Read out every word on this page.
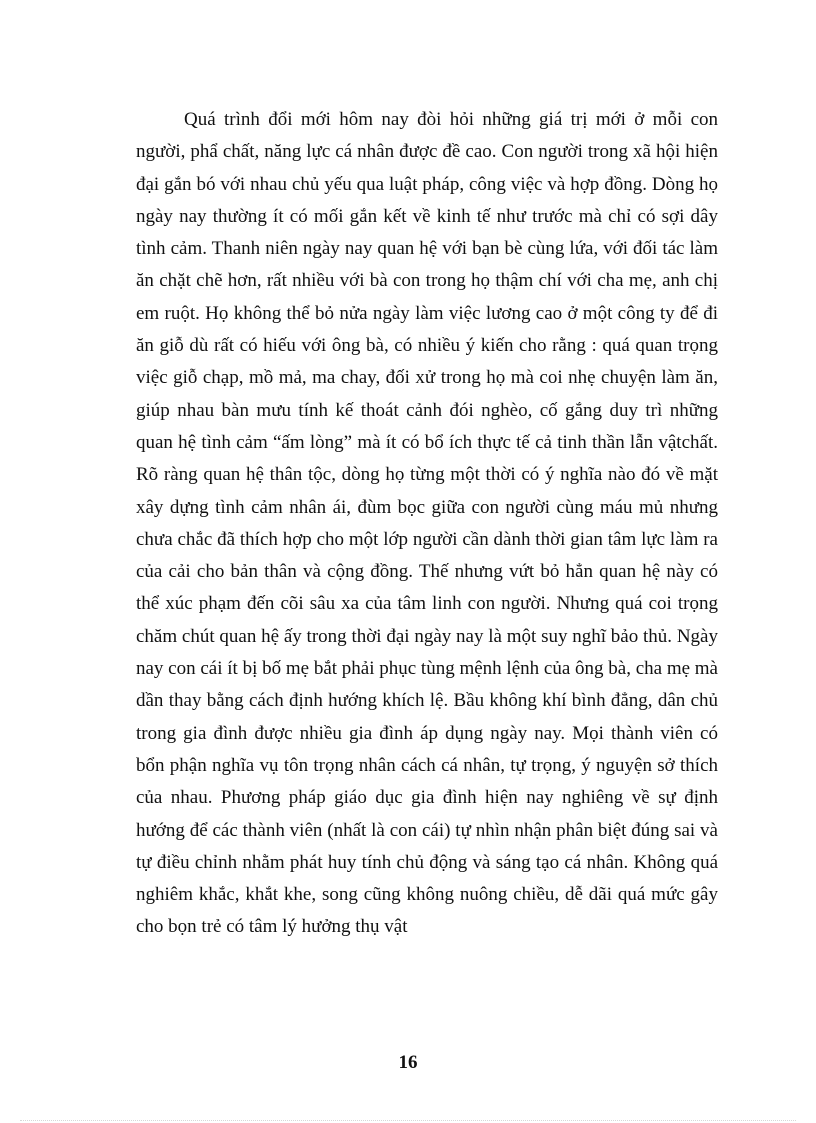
Quá trình đổi mới hôm nay đòi hỏi những giá trị mới ở mỗi con người, phẩ chất, năng lực cá nhân được đề cao. Con người trong xã hội hiện đại gắn bó với nhau chủ yếu qua luật pháp, công việc và hợp đồng. Dòng họ ngày nay thường ít có mối gắn kết về kinh tế như trước mà chỉ có sợi dây tình cảm. Thanh niên ngày nay quan hệ với bạn bè cùng lứa, với đối tác làm ăn chặt chẽ hơn, rất nhiều với bà con trong họ thậm chí với cha mẹ, anh chị em ruột. Họ không thể bỏ nửa ngày làm việc lương cao ở một công ty để đi ăn giỗ dù rất có hiếu với ông bà, có nhiều ý kiến cho rằng : quá quan trọng việc giỗ chạp, mồ mả, ma chay, đối xử trong họ mà coi nhẹ chuyện làm ăn, giúp nhau bàn mưu tính kế thoát cảnh đói nghèo, cố gắng duy trì những quan hệ tình cảm “ấm lòng” mà ít có bổ ích thực tế cả tinh thần lẫn vậtchất. Rõ ràng quan hệ thân tộc, dòng họ từng một thời có ý nghĩa nào đó về mặt xây dựng tình cảm nhân ái, đùm bọc giữa con người cùng máu mủ nhưng chưa chắc đã thích hợp cho một lớp người cần dành thời gian tâm lực làm ra của cải cho bản thân và cộng đồng. Thế nhưng vứt bỏ hẳn quan hệ này có thể xúc phạm đến cõi sâu xa của tâm linh con người. Nhưng quá coi trọng chăm chút quan hệ ấy trong thời đại ngày nay là một suy nghĩ bảo thủ. Ngày nay con cái ít bị bố mẹ bắt phải phục tùng mệnh lệnh của ông bà, cha mẹ mà dần thay bằng cách định hướng khích lệ. Bầu không khí bình đẳng, dân chủ trong gia đình được nhiều gia đình áp dụng ngày nay. Mọi thành viên có bổn phận nghĩa vụ tôn trọng nhân cách cá nhân, tự trọng, ý nguyện sở thích của nhau. Phương pháp giáo dục gia đình hiện nay nghiêng về sự định hướng để các thành viên (nhất là con cái) tự nhìn nhận phân biệt đúng sai và tự điều chỉnh nhằm phát huy tính chủ động và sáng tạo cá nhân. Không quá nghiêm khắc, khắt khe, song cũng không nuông chiều, dễ dãi quá mức gây cho bọn trẻ có tâm lý hưởng thụ vật

16
